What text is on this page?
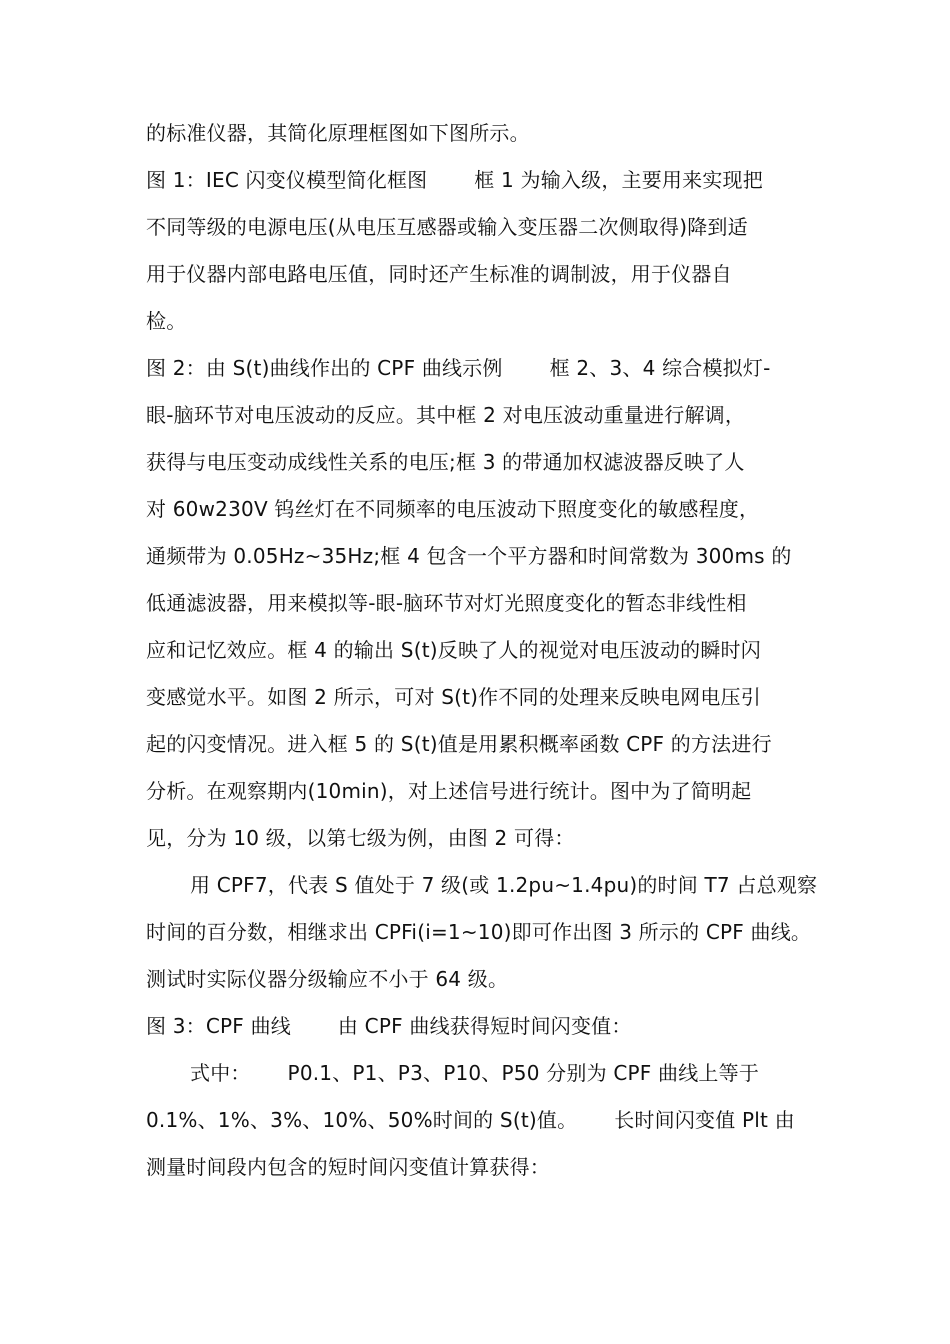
的标准仪器，其简化原理框图如下图所示。
图 1：IEC 闪变仪模型简化框图　　 框 1 为输入级，主要用来实现把
不同等级的电源电压(从电压互感器或输入变压器二次侧取得)降到适
用于仪器内部电路电压值，同时还产生标准的调制波，用于仪器自
检。
图 2：由 S(t)曲线作出的 CPF 曲线示例　　 框 2、3、4 综合模拟灯-
眼-脑环节对电压波动的反应。其中框 2 对电压波动重量进行解调，
获得与电压变动成线性关系的电压;框 3 的带通加权滤波器反映了人
对 60w230V 钨丝灯在不同频率的电压波动下照度变化的敏感程度，
通频带为 0.05Hz~35Hz;框 4 包含一个平方器和时间常数为 300ms 的
低通滤波器，用来模拟等-眼-脑环节对灯光照度变化的暂态非线性相
应和记忆效应。框 4 的输出 S(t)反映了人的视觉对电压波动的瞬时闪
变感觉水平。如图 2 所示，可对 S(t)作不同的处理来反映电网电压引
起的闪变情况。进入框 5 的 S(t)值是用累积概率函数 CPF 的方法进行
分析。在观察期内(10min)，对上述信号进行统计。图中为了简明起
见，分为 10 级，以第七级为例，由图 2 可得：
用 CPF7，代表 S 值处于 7 级(或 1.2pu~1.4pu)的时间 T7 占总观察
时间的百分数，相继求出 CPFi(i=1~10)即可作出图 3 所示的 CPF 曲线。
测试时实际仪器分级输应不小于 64 级。
图 3：CPF 曲线　　 由 CPF 曲线获得短时间闪变值：
式中：　　 P0.1、P1、P3、P10、P50 分别为 CPF 曲线上等于
0.1%、1%、3%、10%、50%时间的 S(t)值。　　 长时间闪变值 Plt 由
测量时间段内包含的短时间闪变值计算获得：
